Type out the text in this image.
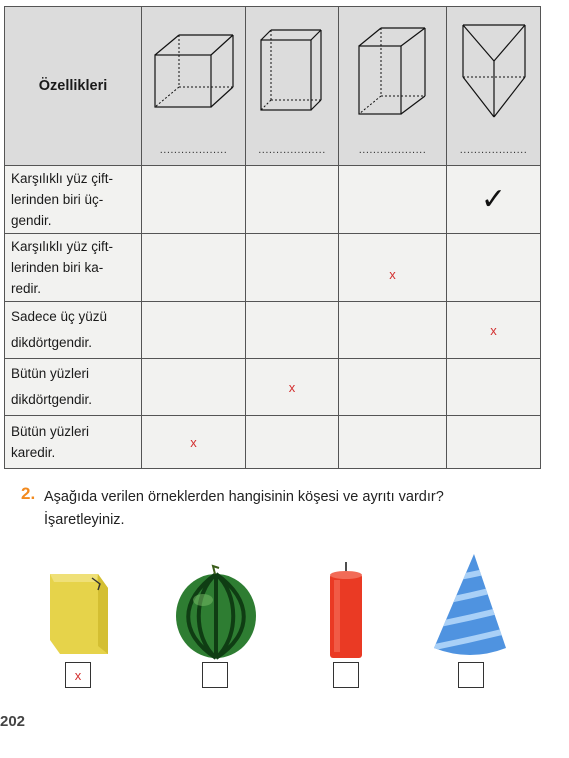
Özellikleri	...................	...................	...................	...................

Karşılıklı yüz çift-
lerinden biri üç-
gendir.				✓

Karşılıklı yüz çift-
lerinden biri ka-
redir.			x	

Sadece üç yüzü
dikdörtgendir.				x

Bütün yüzleri
dikdörtgendir.		x		

Bütün yüzleri
karedir.	x			

2. Aşağıda verilen örneklerden hangisinin köşesi ve ayrıtı vardır?
İşaretleyiniz.
x
202
